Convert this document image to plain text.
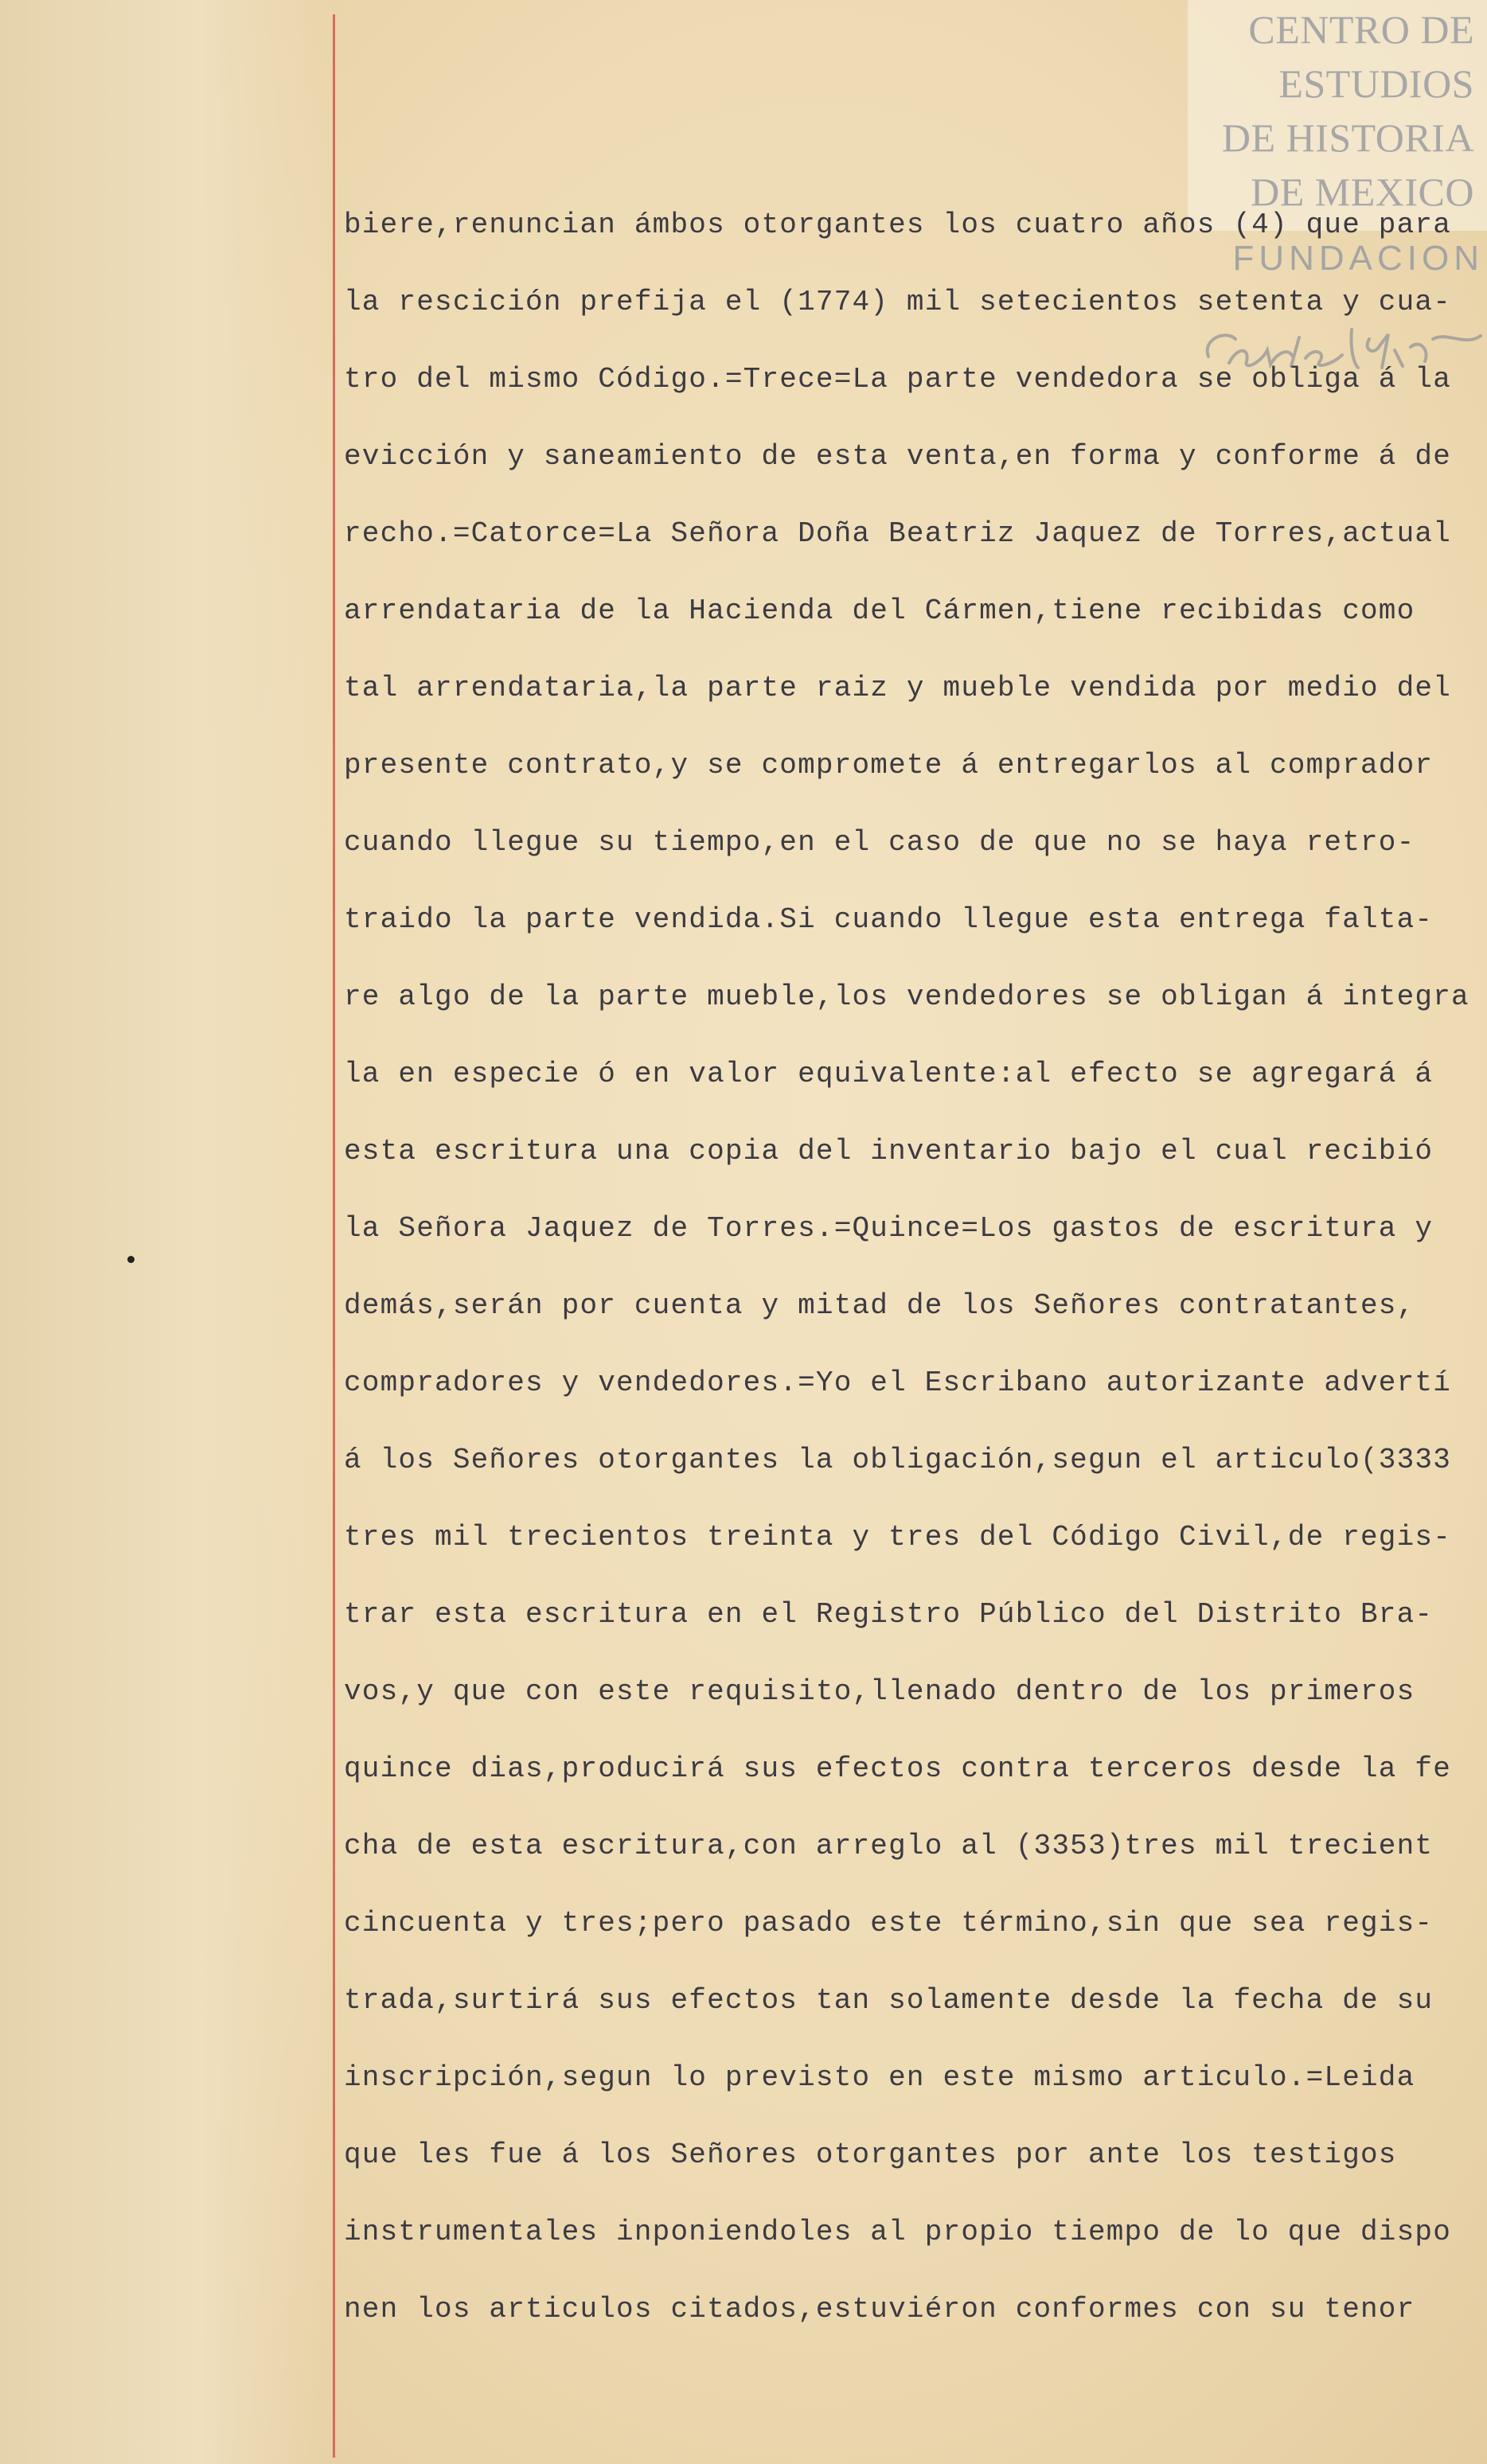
CENTRO DE
ESTUDIOS
DE HISTORIA
DE MEXICO
FUNDACION
biere,renuncian ámbos otorgantes los cuatro años (4) que para
la rescición prefija el (1774) mil setecientos setenta y cua-
tro del mismo Código.=Trece=La parte vendedora se obliga á la
evicción y saneamiento de esta venta,en forma y conforme á de
recho.=Catorce=La Señora Doña Beatriz Jaquez de Torres,actual
arrendataria de la Hacienda del Cármen,tiene recibidas como
tal arrendataria,la parte raiz y mueble vendida por medio del
presente contrato,y se compromete á entregarlos al comprador
cuando llegue su tiempo,en el caso de que no se haya retro-
traido la parte vendida.Si cuando llegue esta entrega falta-
re algo de la parte mueble,los vendedores se obligan á integra
la en especie ó en valor equivalente:al efecto se agregará á
esta escritura una copia del inventario bajo el cual recibió
la Señora Jaquez de Torres.=Quince=Los gastos de escritura y
demás,serán por cuenta y mitad de los Señores contratantes,
compradores y vendedores.=Yo el Escribano autorizante advertí
á los Señores otorgantes la obligación,segun el articulo(3333
tres mil trecientos treinta y tres del Código Civil,de regis-
trar esta escritura en el Registro Público del Distrito Bra-
vos,y que con este requisito,llenado dentro de los primeros
quince dias,producirá sus efectos contra terceros desde la fe
cha de esta escritura,con arreglo al (3353)tres mil trecient
cincuenta y tres;pero pasado este término,sin que sea regis-
trada,surtirá sus efectos tan solamente desde la fecha de su
inscripción,segun lo previsto en este mismo articulo.=Leida
que les fue á los Señores otorgantes por ante los testigos
instrumentales inponiendoles al propio tiempo de lo que dispo
nen los articulos citados,estuviéron conformes con su tenor
